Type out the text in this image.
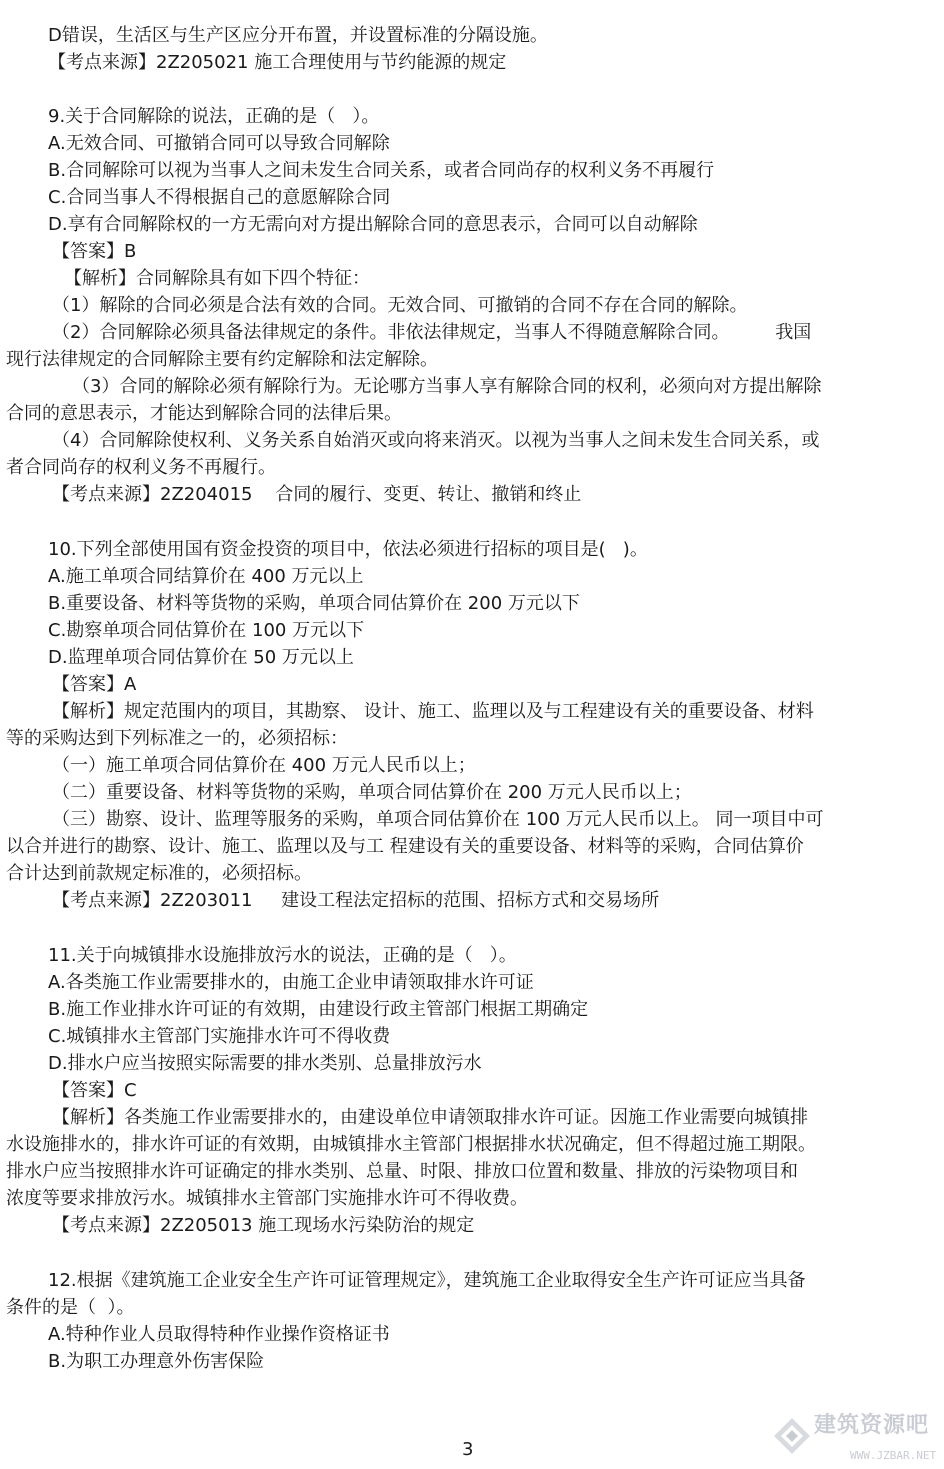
D错误，生活区与生产区应分开布置，并设置标准的分隔设施。
【考点来源】2Z205021 施工合理使用与节约能源的规定
9.关于合同解除的说法，正确的是（   ）。
A.无效合同、可撤销合同可以导致合同解除
B.合同解除可以视为当事人之间未发生合同关系，或者合同尚存的权利义务不再履行
C.合同当事人不得根据自己的意愿解除合同
D.享有合同解除权的一方无需向对方提出解除合同的意思表示，合同可以自动解除
【答案】B
【解析】合同解除具有如下四个特征：
（1）解除的合同必须是合法有效的合同。无效合同、可撤销的合同不存在合同的解除。
（2）合同解除必须具备法律规定的条件。非依法律规定，当事人不得随意解除合同。        我国
现行法律规定的合同解除主要有约定解除和法定解除。
（3）合同的解除必须有解除行为。无论哪方当事人享有解除合同的权利，必须向对方提出解除
合同的意思表示，才能达到解除合同的法律后果。
（4）合同解除使权利、义务关系自始消灭或向将来消灭。以视为当事人之间未发生合同关系，或
者合同尚存的权利义务不再履行。
【考点来源】2Z204015    合同的履行、变更、转让、撤销和终止
10.下列全部使用国有资金投资的项目中，依法必须进行招标的项目是(   )。
A.施工单项合同结算价在 400 万元以上
B.重要设备、材料等货物的采购，单项合同估算价在 200 万元以下
C.勘察单项合同估算价在 100 万元以下
D.监理单项合同估算价在 50 万元以上
【答案】A
【解析】规定范围内的项目，其勘察、 设计、施工、监理以及与工程建设有关的重要设备、材料
等的采购达到下列标准之一的，必须招标：
（一）施工单项合同估算价在 400 万元人民币以上；
（二）重要设备、材料等货物的采购，单项合同估算价在 200 万元人民币以上；
（三）勘察、设计、监理等服务的采购，单项合同估算价在 100 万元人民币以上。 同一项目中可
以合并进行的勘察、设计、施工、监理以及与工 程建设有关的重要设备、材料等的采购，合同估算价
合计达到前款规定标准的，必须招标。
【考点来源】2Z203011     建设工程法定招标的范围、招标方式和交易场所
11.关于向城镇排水设施排放污水的说法，正确的是（   ）。
A.各类施工作业需要排水的，由施工企业申请领取排水许可证
B.施工作业排水许可证的有效期，由建设行政主管部门根据工期确定
C.城镇排水主管部门实施排水许可不得收费
D.排水户应当按照实际需要的排水类别、总量排放污水
【答案】C
【解析】各类施工作业需要排水的，由建设单位申请领取排水许可证。因施工作业需要向城镇排
水设施排水的，排水许可证的有效期，由城镇排水主管部门根据排水状况确定，但不得超过施工期限。
排水户应当按照排水许可证确定的排水类别、总量、时限、排放口位置和数量、排放的污染物项目和
浓度等要求排放污水。城镇排水主管部门实施排水许可不得收费。
【考点来源】2Z205013 施工现场水污染防治的规定
12.根据《建筑施工企业安全生产许可证管理规定》，建筑施工企业取得安全生产许可证应当具备
条件的是（  ）。
A.特种作业人员取得特种作业操作资格证书
B.为职工办理意外伤害保险
3
建筑资源吧
WWW.JZBAR.NET
